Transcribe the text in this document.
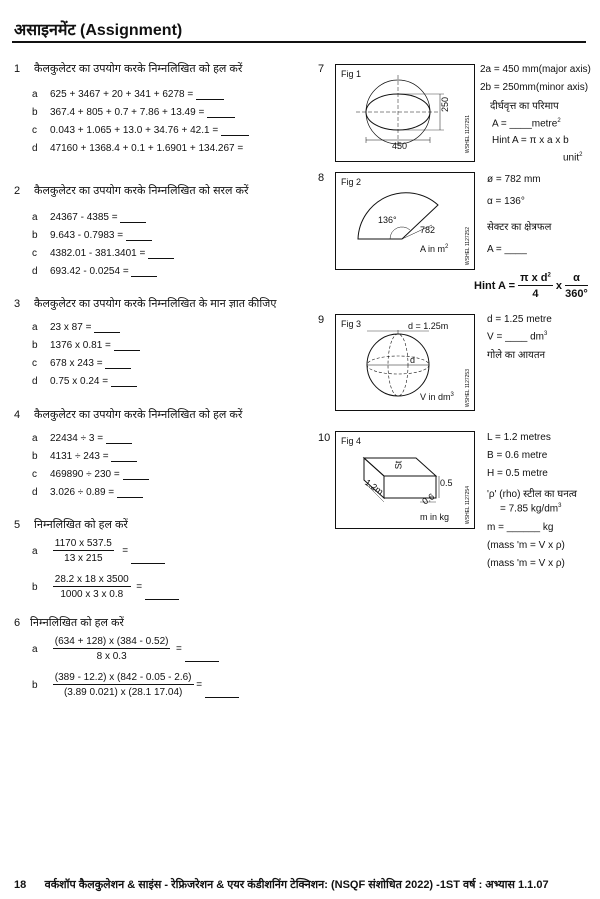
असाइनमेंट (Assignment)
1 कैलकुलेटर का उपयोग करके निम्नलिखित को हल करें
a 625 + 3467 + 20 + 341 + 6278 =
b 367.4 + 805 + 0.7 + 7.86 + 13.49 =
c 0.043 + 1.065 + 13.0 + 34.76 + 42.1 =
d 47160 + 1368.4 + 0.1 + 1.6901 + 134.267 =
2 कैलकुलेटर का उपयोग करके निम्नलिखित को सरल करें
a 24367 - 4385 =
b 9.643 - 0.7983 =
c 4382.01 - 381.3401 =
d 693.42 - 0.0254 =
3 कैलकुलेटर का उपयोग करके निम्नलिखित के मान ज्ञात कीजिए
a 23 x 87 =
b 1376 x 0.81 =
c 678 x 243 =
d 0.75 x 0.24 =
4 कैलकुलेटर का उपयोग करके निम्नलिखित को हल करें
a 22434 ÷ 3 =
b 4131 ÷ 243 =
c 469890 ÷ 230 =
d 3.026 ÷ 0.89 =
5 निम्नलिखित को हल करें
a $\frac{1170 x 537.5}{13 x 215}$ =
b $\frac{28.2 x 18 x 3500}{1000 x 3 x 0.8}$ =
6 निम्नलिखित को हल करें
a $\frac{(634 + 128) x (384 - 0.52)}{8 x 0.3}$ =
b $\frac{(389 - 12.2) x (842 - 0.05 - 2.6)}{(3.89 0.021) x (28.1 17.04)}$ =
7 Fig 1
450
250
WSHEL 1127251
2a = 450 mm(major axis)
2b = 250mm(minor axis)
दीर्घवृत्त का परिमाप
A = ____metre$^2$
Hint A = π x a x b
unit$^2$
8 Fig 2
136°
782
A in $m^2$	WSHEL 1127252
ø = 782 mm
α = 136°
सेक्टर का क्षेत्रफल
A = ____
Hint $A = \frac{\pi x d^2}{4}$ x $\frac{\alpha}{360^\circ}$
9 Fig 3	d = 1.25m
d
V in $dm^3$ WSHEL 1127253
d = 1.25 metre
V = ____ $dm^3$
गोले का आयतन
10 Fig 4
St
0.5
1.2m
0.6
m in kg	WSHEL 1127254
L = 1.2 metres
B = 0.6 metre
H = 0.5 metre
'ρ' (rho) स्टील का घनत्व
= 7.85 $kg/dm^3$
m = ______ kg
(mass 'm = V x ρ)
(mass 'm = V x ρ)
18 वर्कशॉप कैलकुलेशन & साइंस - रेफ्रिजरेशन & एयर कंडीशनिंग टेक्निशन: (NSQF संशोधित 2022) -1ST वर्ष : अभ्यास 1.1.07
